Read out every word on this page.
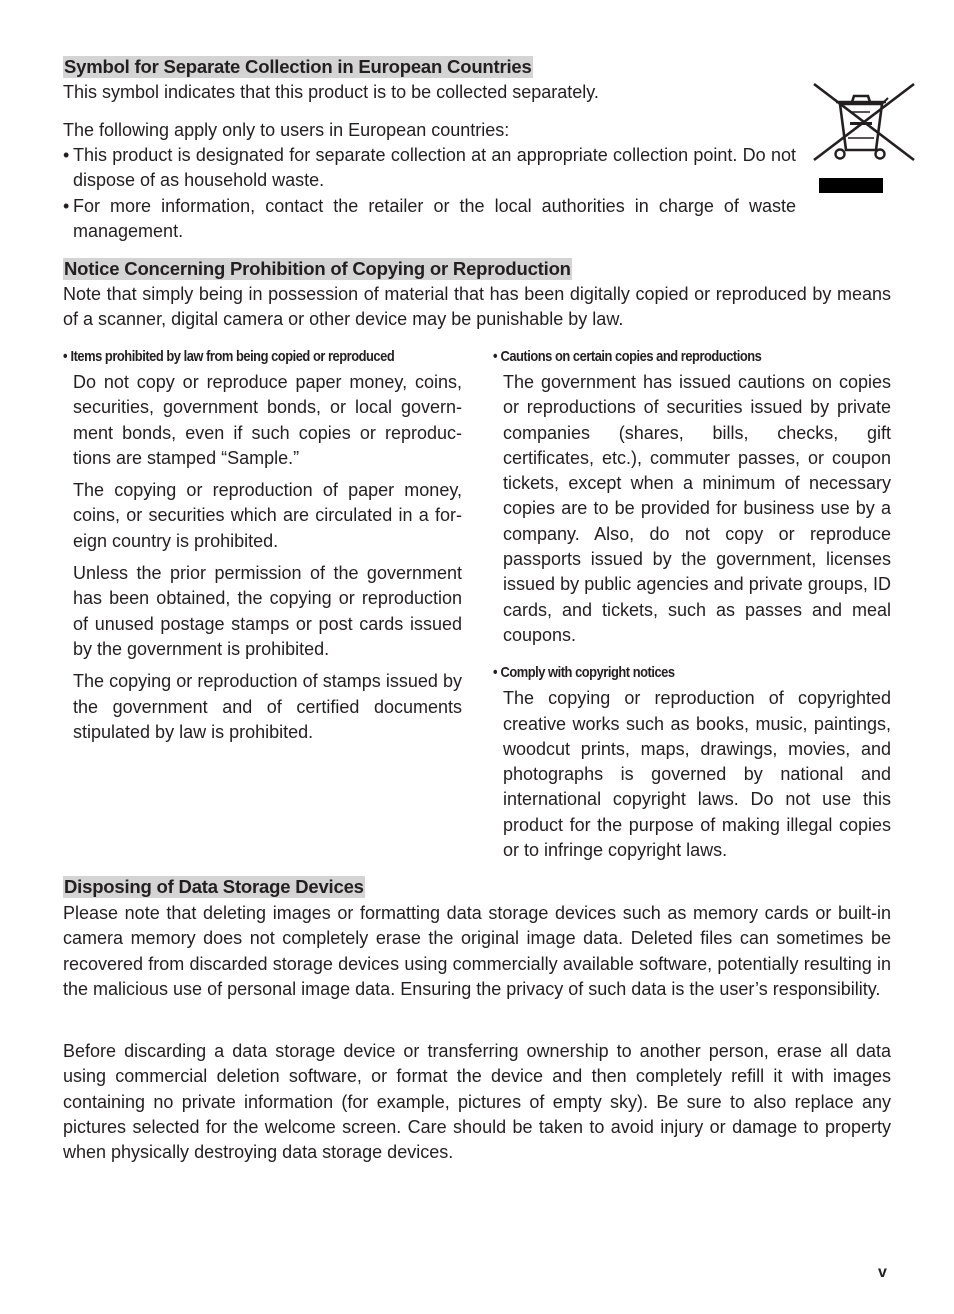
Symbol for Separate Collection in European Countries

This symbol indicates that this product is to be collected separately.

The following apply only to users in European countries:

• This product is designated for separate collection at an appropriate collection point. Do not dispose of as household waste.
• For more information, contact the retailer or the local authorities in charge of waste management.
Notice Concerning Prohibition of Copying or Reproduction

Note that simply being in possession of material that has been digitally copied or reproduced by means of a scanner, digital camera or other device may be punishable by law.

• Items prohibited by law from being copied or reproduced

Do not copy or reproduce paper money, coins, securities, government bonds, or local government bonds, even if such copies or reproductions are stamped “Sample.”

The copying or reproduction of paper money, coins, or securities which are circulated in a foreign country is prohibited.

Unless the prior permission of the government has been obtained, the copying or reproduction of unused postage stamps or post cards issued by the government is prohibited.

The copying or reproduction of stamps issued by the government and of certified documents stipulated by law is prohibited.

• Cautions on certain copies and reproductions

The government has issued cautions on copies or reproductions of securities issued by private companies (shares, bills, checks, gift certificates, etc.), commuter passes, or coupon tickets, except when a minimum of necessary copies are to be provided for business use by a company. Also, do not copy or reproduce passports issued by the government, licenses issued by public agencies and private groups, ID cards, and tickets, such as passes and meal coupons.

• Comply with copyright notices

The copying or reproduction of copyrighted creative works such as books, music, paintings, woodcut prints, maps, drawings, movies, and photographs is governed by national and international copyright laws. Do not use this product for the purpose of making illegal copies or to infringe copyright laws.

Disposing of Data Storage Devices

Please note that deleting images or formatting data storage devices such as memory cards or built-in camera memory does not completely erase the original image data. Deleted files can sometimes be recovered from discarded storage devices using commercially available software, potentially resulting in the malicious use of personal image data. Ensuring the privacy of such data is the user’s responsibility.

Before discarding a data storage device or transferring ownership to another person, erase all data using commercial deletion software, or format the device and then completely refill it with images containing no private information (for example, pictures of empty sky). Be sure to also replace any pictures selected for the welcome screen. Care should be taken to avoid injury or damage to property when physically destroying data storage devices.

v
